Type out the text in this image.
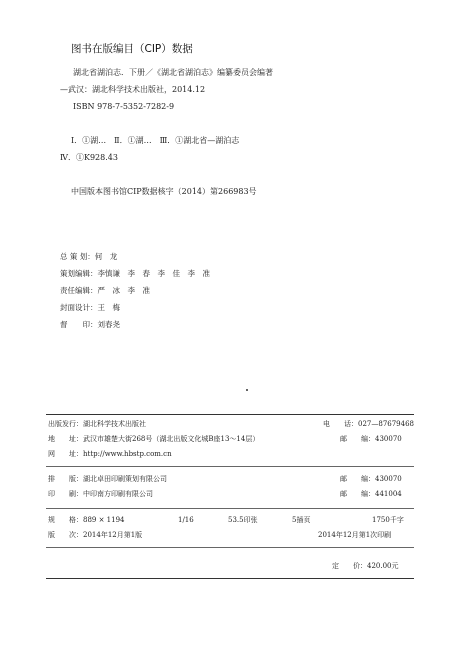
图书在版编目（CIP）数据
湖北省湖泊志．下册／《湖北省湖泊志》编纂委员会编著
—武汉：湖北科学技术出版社，2014.12
ISBN 978-7-5352-7282-9
Ⅰ．①湖…　Ⅱ．①湖…　Ⅲ．①湖北省—湖泊志
Ⅳ．①K928.43
中国版本图书馆CIP数据核字（2014）第266983号
总 策 划：何　龙
策划编辑：李慎谦　李　春　李　佳　李　准
责任编辑：严　冰　李　准
封面设计：王　梅
督　　印：刘春尧
出版发行：湖北科学技术出版社	电　　话：027—87679468
地　　址：武汉市雄楚大街268号（湖北出版文化城B座13～14层）	邮　　编：430070
网　　址：http://www.hbstp.com.cn
排　　版：湖北卓田印刷策划有限公司	邮　　编：430070
印　　刷：中印南方印刷有限公司	邮　　编：441004
规　　格：889 × 1194	1/16	53.5印张	5插页	1750千字
版　　次：2014年12月第1版	2014年12月第1次印刷
定　　价：420.00元
